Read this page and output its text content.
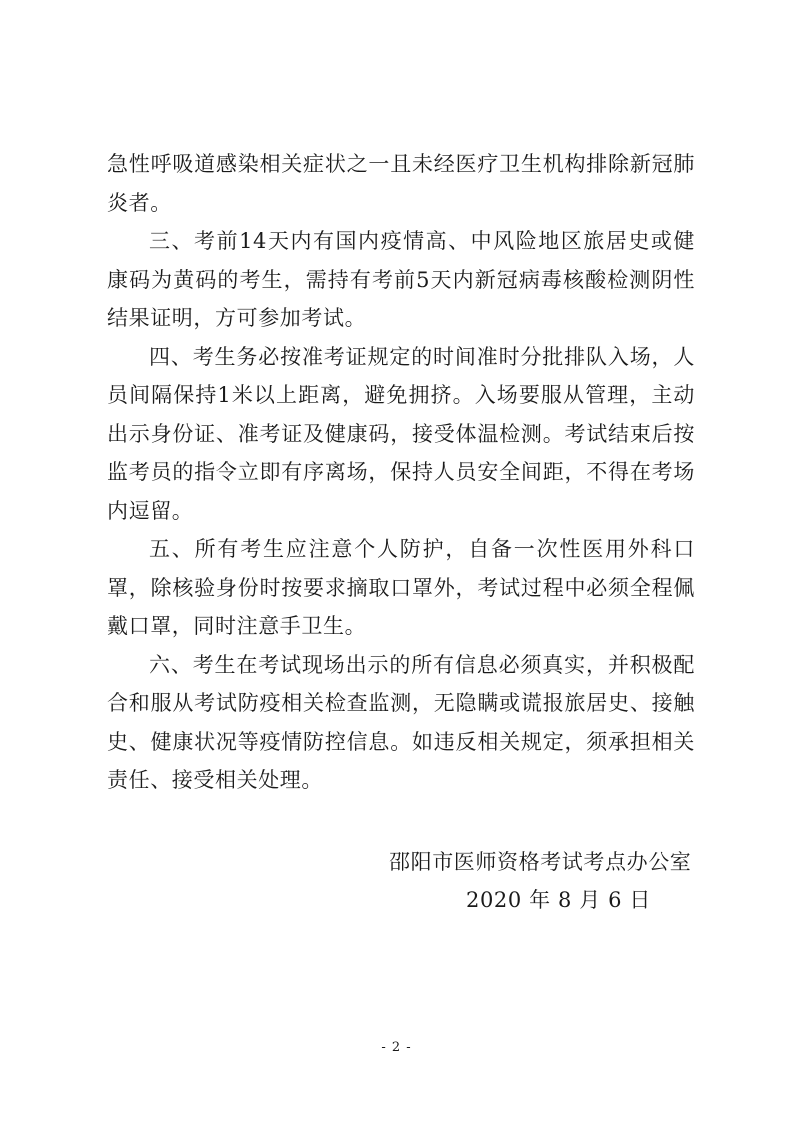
急性呼吸道感染相关症状之一且未经医疗卫生机构排除新冠肺炎者。

三、考前14天内有国内疫情高、中风险地区旅居史或健康码为黄码的考生，需持有考前5天内新冠病毒核酸检测阴性结果证明，方可参加考试。

四、考生务必按准考证规定的时间准时分批排队入场，人员间隔保持1米以上距离，避免拥挤。入场要服从管理，主动出示身份证、准考证及健康码，接受体温检测。考试结束后按监考员的指令立即有序离场，保持人员安全间距，不得在考场内逗留。

五、所有考生应注意个人防护，自备一次性医用外科口罩，除核验身份时按要求摘取口罩外，考试过程中必须全程佩戴口罩，同时注意手卫生。

六、考生在考试现场出示的所有信息必须真实，并积极配合和服从考试防疫相关检查监测，无隐瞒或谎报旅居史、接触史、健康状况等疫情防控信息。如违反相关规定，须承担相关责任、接受相关处理。

邵阳市医师资格考试考点办公室
2020 年 8 月 6 日
- 2 -
